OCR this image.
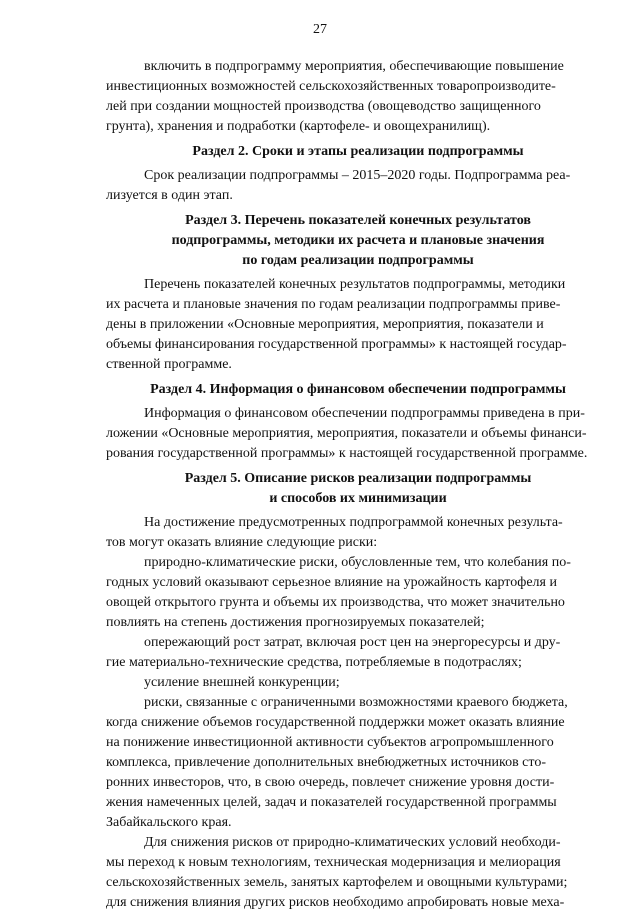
27

включить в подпрограмму мероприятия, обеспечивающие повышение
инвестиционных возможностей сельскохозяйственных товаропроизводите-
лей при создании мощностей производства (овощеводство защищенного
грунта), хранения и подработки (картофеле- и овощехранилищ).

Раздел 2. Сроки и этапы реализации подпрограммы

Срок реализации подпрограммы – 2015–2020 годы. Подпрограмма реа-
лизуется в один этап.

Раздел 3. Перечень показателей конечных результатов
подпрограммы, методики их расчета и плановые значения
по годам реализации подпрограммы

Перечень показателей конечных результатов подпрограммы, методики
их расчета и плановые значения по годам реализации подпрограммы приве-
дены в приложении «Основные мероприятия, мероприятия, показатели и
объемы финансирования государственной программы» к настоящей государ-
ственной программе.

Раздел 4. Информация о финансовом обеспечении подпрограммы

Информация о финансовом обеспечении подпрограммы приведена в при-
ложении «Основные мероприятия, мероприятия, показатели и объемы финанси-
рования государственной программы» к настоящей государственной программе.

Раздел 5. Описание рисков реализации подпрограммы
и способов их минимизации

На достижение предусмотренных подпрограммой конечных результа-
тов могут оказать влияние следующие риски:

природно-климатические риски, обусловленные тем, что колебания по-
годных условий оказывают серьезное влияние на урожайность картофеля и
овощей открытого грунта и объемы их производства, что может значительно
повлиять на степень достижения прогнозируемых показателей;

опережающий рост затрат, включая рост цен на энергоресурсы и дру-
гие материально-технические средства, потребляемые в подотраслях;

усиление внешней конкуренции;

риски, связанные с ограниченными возможностями краевого бюджета,
когда снижение объемов государственной поддержки может оказать влияние
на понижение инвестиционной активности субъектов агропромышленного
комплекса, привлечение дополнительных внебюджетных источников сто-
ронних инвесторов, что, в свою очередь, повлечет снижение уровня дости-
жения намеченных целей, задач и показателей государственной программы
Забайкальского края.

Для снижения рисков от природно-климатических условий необходи-
мы переход к новым технологиям, техническая модернизация и мелиорация
сельскохозяйственных земель, занятых картофелем и овощными культурами;
для снижения влияния других рисков необходимо апробировать новые меха-
